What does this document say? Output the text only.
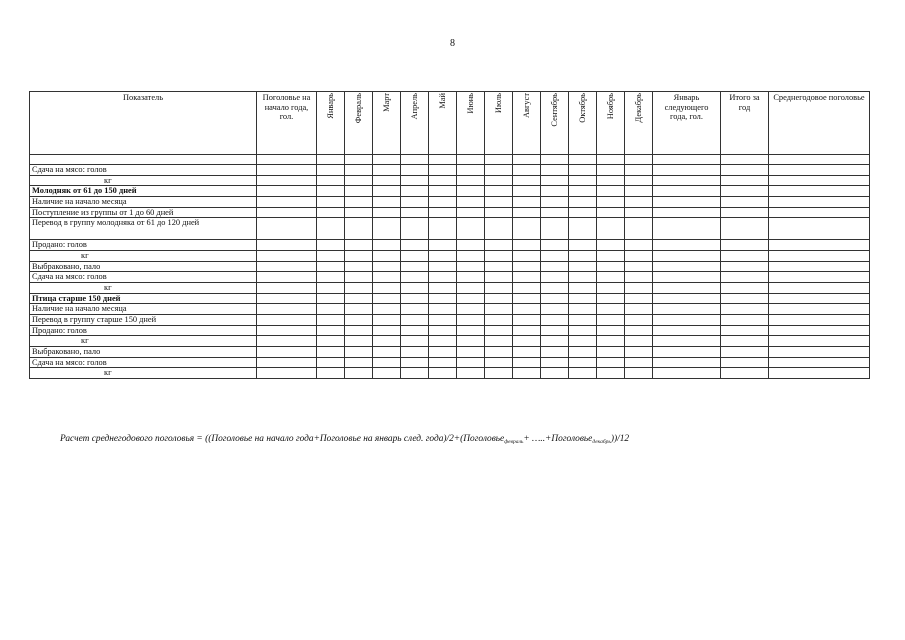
8
Показатель	Поголовье на начало года, гол.	Январь	Февраль	Март	Апрель	Май	Июнь	Июль	Август	Сентябрь	Октябрь	Ноябрь	Декабрь	Январь следующего года, гол.	Итого за год	Среднегодовое поголовье

Сдача на мясо: голов																
кг																
Молодняк от 61 до 150 дней																
Наличие на начало месяца																
Поступление из группы от 1 до 60 дней																
Перевод в группу молодняка от 61 до 120 дней																
Продано: голов																
кг																
Выбраковано, пало																
Сдача на мясо: голов																
кг																
Птица старше 150 дней																
Наличие на начало месяца																
Перевод в группу старше 150 дней																
Продано: голов																
кг																
Выбраковано, пало																
Сдача на мясо: голов																
кг																
Расчет среднегодового поголовья = ((Поголовье на начало года+Поголовье на январь след. года)/2+(Поголовье$_{февраль}$+ …..+Поголовье$_{декабрь}$))/12
